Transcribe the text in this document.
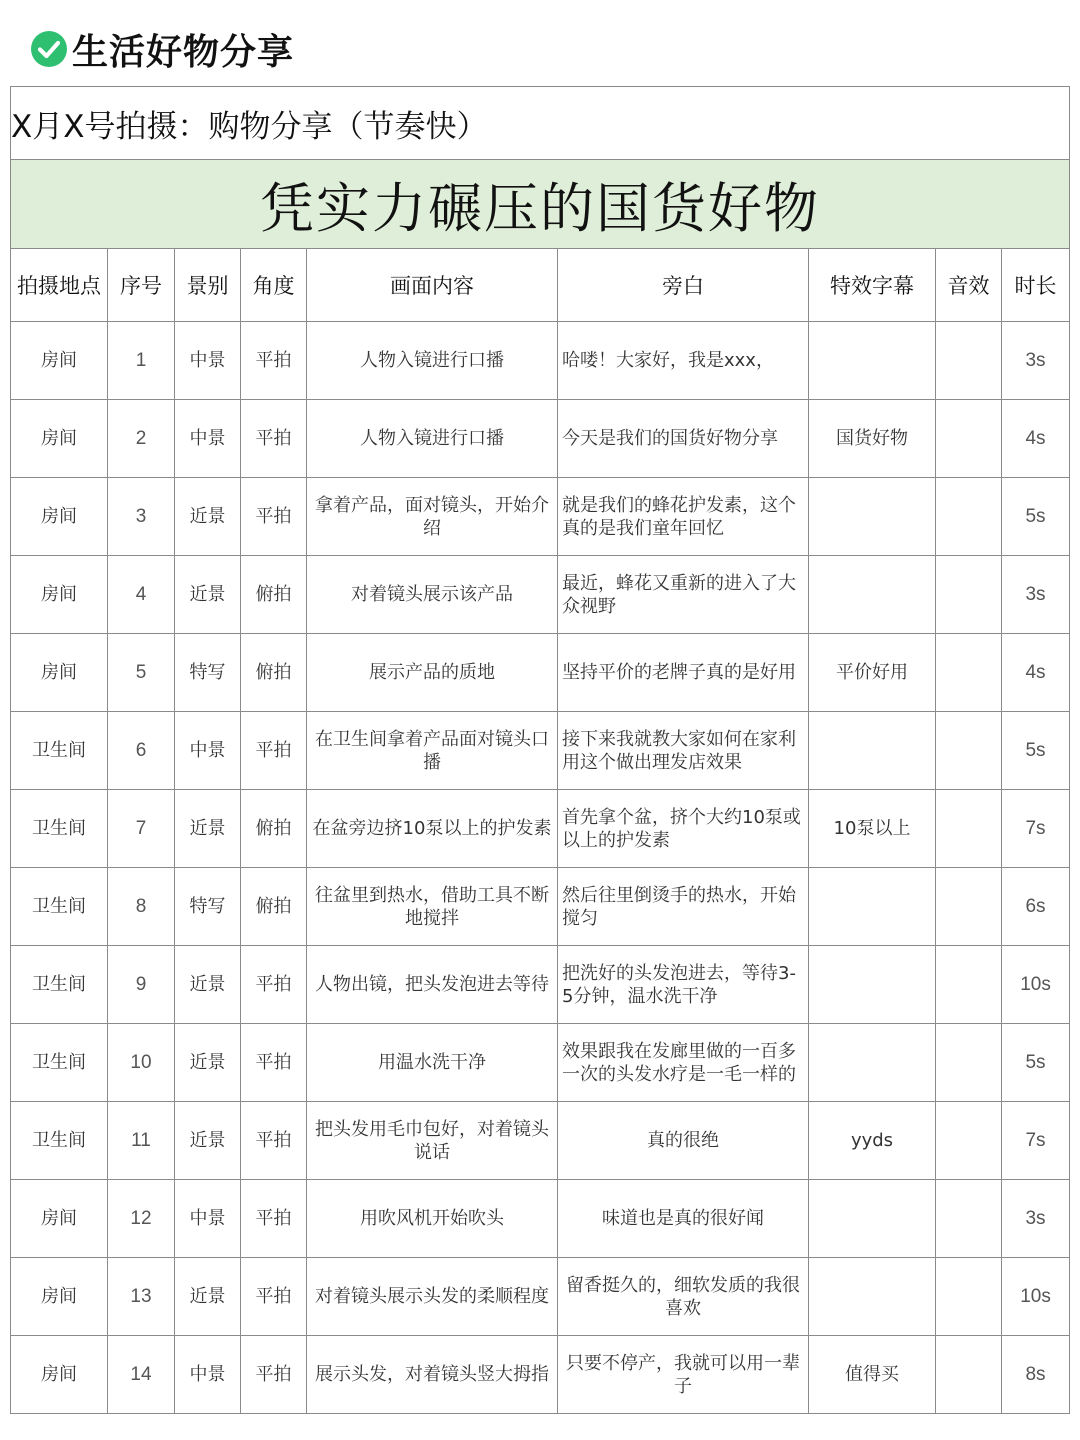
生活好物分享
X月X号拍摄：购物分享（节奏快）								
凭实力碾压的国货好物								
拍摄地点	序号	景别	角度	画面内容	旁白	特效字幕	音效	时长
房间	1	中景	平拍	人物入镜进行口播	哈喽！大家好，我是xxx，			3s
房间	2	中景	平拍	人物入镜进行口播	今天是我们的国货好物分享	国货好物		4s
房间	3	近景	平拍	拿着产品，面对镜头，开始介绍	就是我们的蜂花护发素，这个真的是我们童年回忆			5s
房间	4	近景	俯拍	对着镜头展示该产品	最近，蜂花又重新的进入了大众视野			3s
房间	5	特写	俯拍	展示产品的质地	坚持平价的老牌子真的是好用	平价好用		4s
卫生间	6	中景	平拍	在卫生间拿着产品面对镜头口播	接下来我就教大家如何在家利用这个做出理发店效果			5s
卫生间	7	近景	俯拍	在盆旁边挤10泵以上的护发素	首先拿个盆，挤个大约10泵或以上的护发素	10泵以上		7s
卫生间	8	特写	俯拍	往盆里到热水，借助工具不断地搅拌	然后往里倒烫手的热水，开始搅匀			6s
卫生间	9	近景	平拍	人物出镜，把头发泡进去等待	把洗好的头发泡进去，等待3-5分钟，温水洗干净			10s
卫生间	10	近景	平拍	用温水洗干净	效果跟我在发廊里做的一百多一次的头发水疗是一毛一样的			5s
卫生间	11	近景	平拍	把头发用毛巾包好，对着镜头说话	真的很绝	yyds		7s
房间	12	中景	平拍	用吹风机开始吹头	味道也是真的很好闻			3s
房间	13	近景	平拍	对着镜头展示头发的柔顺程度	留香挺久的，细软发质的我很喜欢			10s
房间	14	中景	平拍	展示头发，对着镜头竖大拇指	只要不停产，我就可以用一辈子	值得买		8s
